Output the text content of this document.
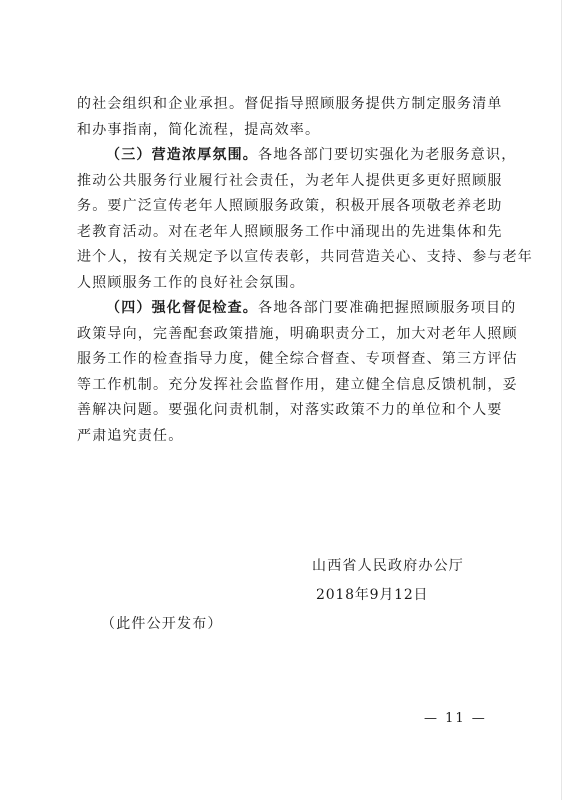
的社会组织和企业承担。督促指导照顾服务提供方制定服务清单
和办事指南，简化流程，提高效率。

（三）营造浓厚氛围。各地各部门要切实强化为老服务意识，
推动公共服务行业履行社会责任，为老年人提供更多更好照顾服
务。要广泛宣传老年人照顾服务政策，积极开展各项敬老养老助
老教育活动。对在老年人照顾服务工作中涌现出的先进集体和先
进个人，按有关规定予以宣传表彰，共同营造关心、支持、参与老年
人照顾服务工作的良好社会氛围。

（四）强化督促检查。各地各部门要准确把握照顾服务项目的
政策导向，完善配套政策措施，明确职责分工，加大对老年人照顾
服务工作的检查指导力度，健全综合督查、专项督查、第三方评估
等工作机制。充分发挥社会监督作用，建立健全信息反馈机制，妥
善解决问题。要强化问责机制，对落实政策不力的单位和个人要
严肃追究责任。

山西省人民政府办公厅
2018年9月12日
（此件公开发布）
— 11 —
